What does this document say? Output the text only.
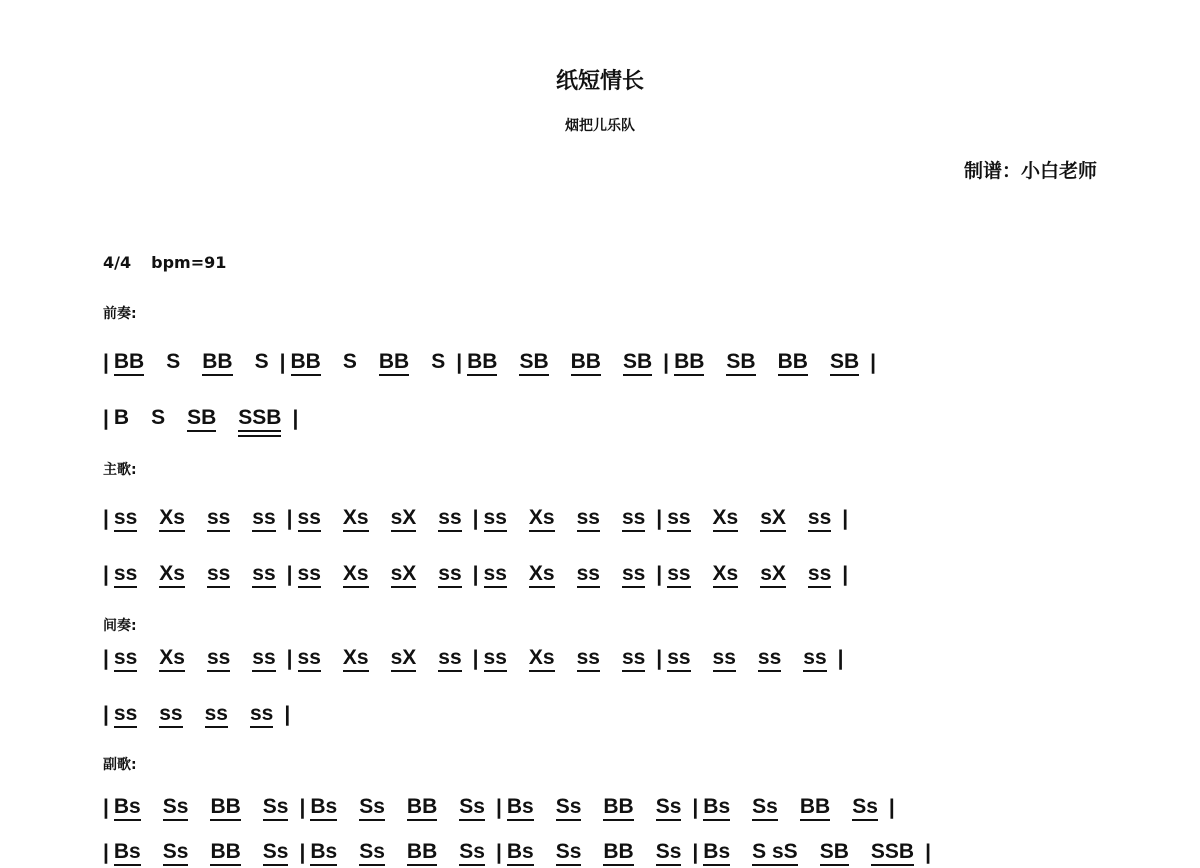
纸短情长
烟把儿乐队
制谱：小白老师
4/4 bpm=91
前奏:
| BB S BB S | BB S BB S | BB SB BB SB | BB SB BB SB |
| B S SB SSB |
主歌:
| ss Xs ss ss | ss Xs sX ss | ss Xs ss ss | ss Xs sX ss |
| ss Xs ss ss | ss Xs sX ss | ss Xs ss ss | ss Xs sX ss |
间奏:
| ss Xs ss ss | ss Xs sX ss | ss Xs ss ss | ss ss ss ss |
| ss ss ss ss |
副歌:
| Bs Ss BB Ss | Bs Ss BB Ss | Bs Ss BB Ss | Bs Ss BB Ss |
| Bs Ss BB Ss | Bs Ss BB Ss | Bs Ss BB Ss | Bs S sS SB SSB |
